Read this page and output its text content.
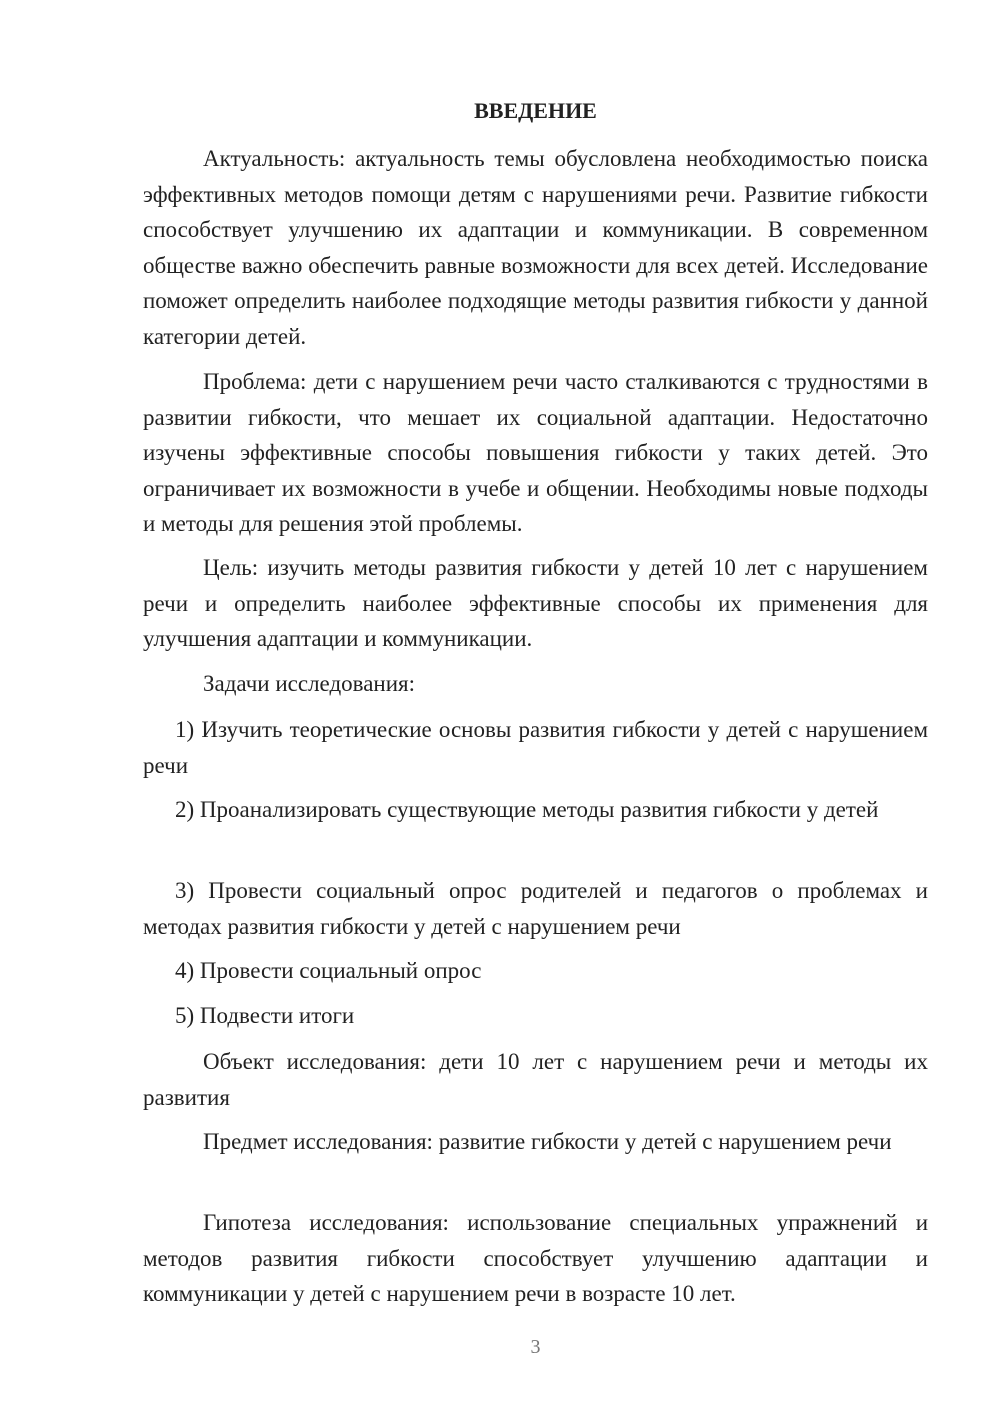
ВВЕДЕНИЕ

Актуальность: актуальность темы обусловлена необходимостью поиска эффективных методов помощи детям с нарушениями речи. Развитие гибкости способствует улучшению их адаптации и коммуникации. В современном обществе важно обеспечить равные возможности для всех детей. Исследование поможет определить наиболее подходящие методы развития гибкости у данной категории детей.

Проблема: дети с нарушением речи часто сталкиваются с трудностями в развитии гибкости, что мешает их социальной адаптации. Недостаточно изучены эффективные способы повышения гибкости у таких детей. Это ограничивает их возможности в учебе и общении. Необходимы новые подходы и методы для решения этой проблемы.

Цель: изучить методы развития гибкости у детей 10 лет с нарушением речи и определить наиболее эффективные способы их применения для улучшения адаптации и коммуникации.

Задачи исследования:

1) Изучить теоретические основы развития гибкости у детей с нарушением речи

2) Проанализировать существующие методы развития гибкости у детей

3) Провести социальный опрос родителей и педагогов о проблемах и методах развития гибкости у детей с нарушением речи

4) Провести социальный опрос

5) Подвести итоги

Объект исследования: дети 10 лет с нарушением речи и методы их развития

Предмет исследования: развитие гибкости у детей с нарушением речи

Гипотеза исследования: использование специальных упражнений и методов развития гибкости способствует улучшению адаптации и коммуникации у детей с нарушением речи в возрасте 10 лет.

3
